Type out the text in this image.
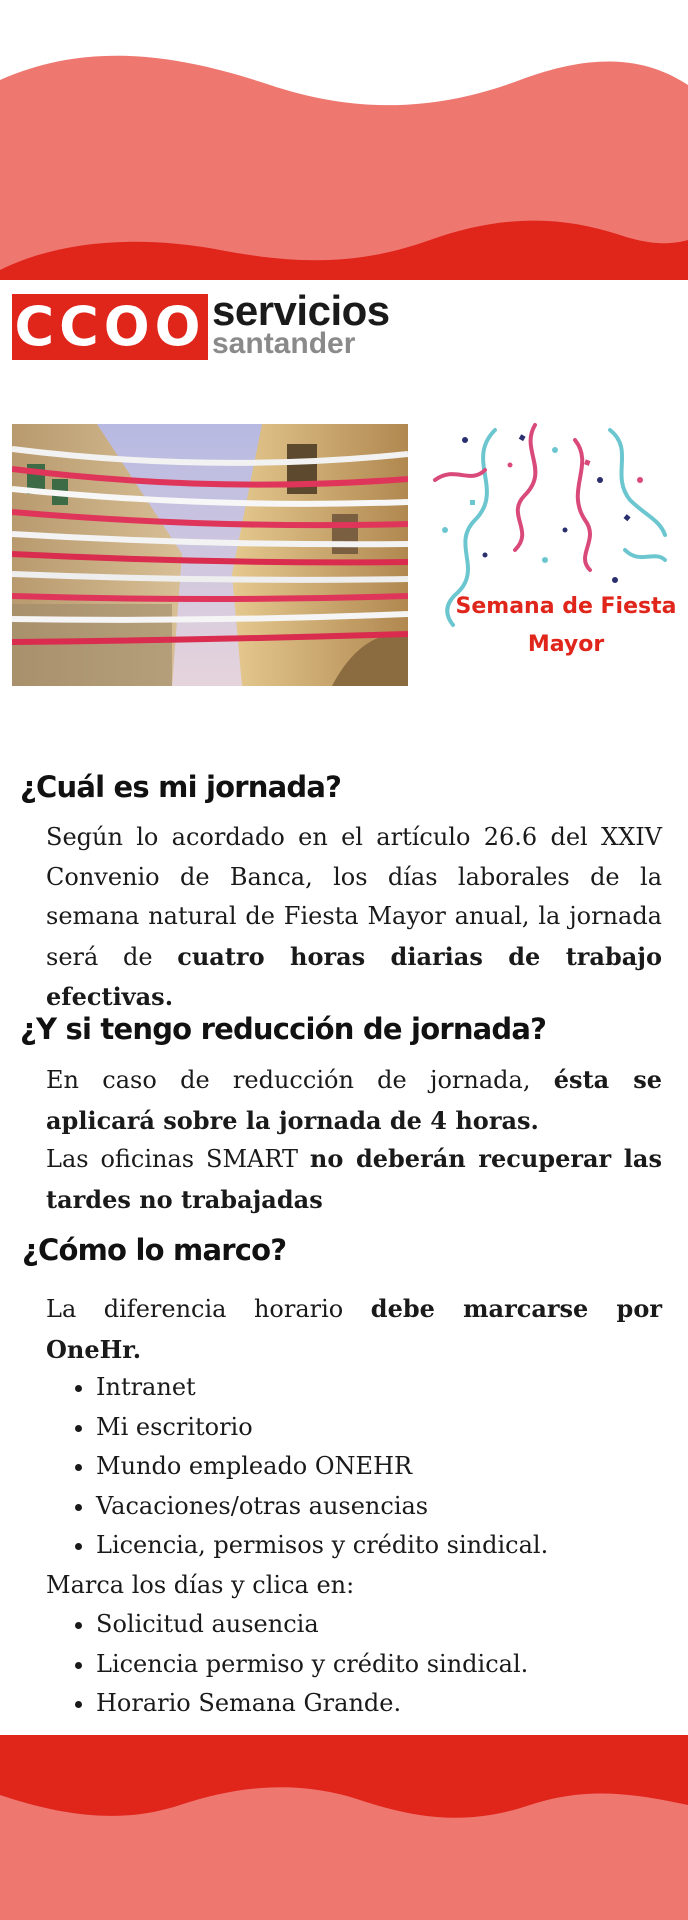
CCOO servicios
santander
Semana de Fiesta
Mayor
¿Cuál es mi jornada?

Según lo acordado en el artículo 26.6 del XXIV Convenio de Banca, los días laborales de la semana natural de Fiesta Mayor anual, la jornada será de cuatro horas diarias de trabajo efectivas.

¿Y si tengo reducción de jornada?

En caso de reducción de jornada, ésta se aplicará sobre la jornada de 4 horas.

Las oficinas SMART no deberán recuperar las tardes no trabajadas

¿Cómo lo marco?

La diferencia horario debe marcarse por OneHr.

• Intranet
• Mi escritorio
• Mundo empleado ONEHR
• Vacaciones/otras ausencias
• Licencia, permisos y crédito sindical.

Marca los días y clica en:

• Solicitud ausencia
• Licencia permiso y crédito sindical.
• Horario Semana Grande.
